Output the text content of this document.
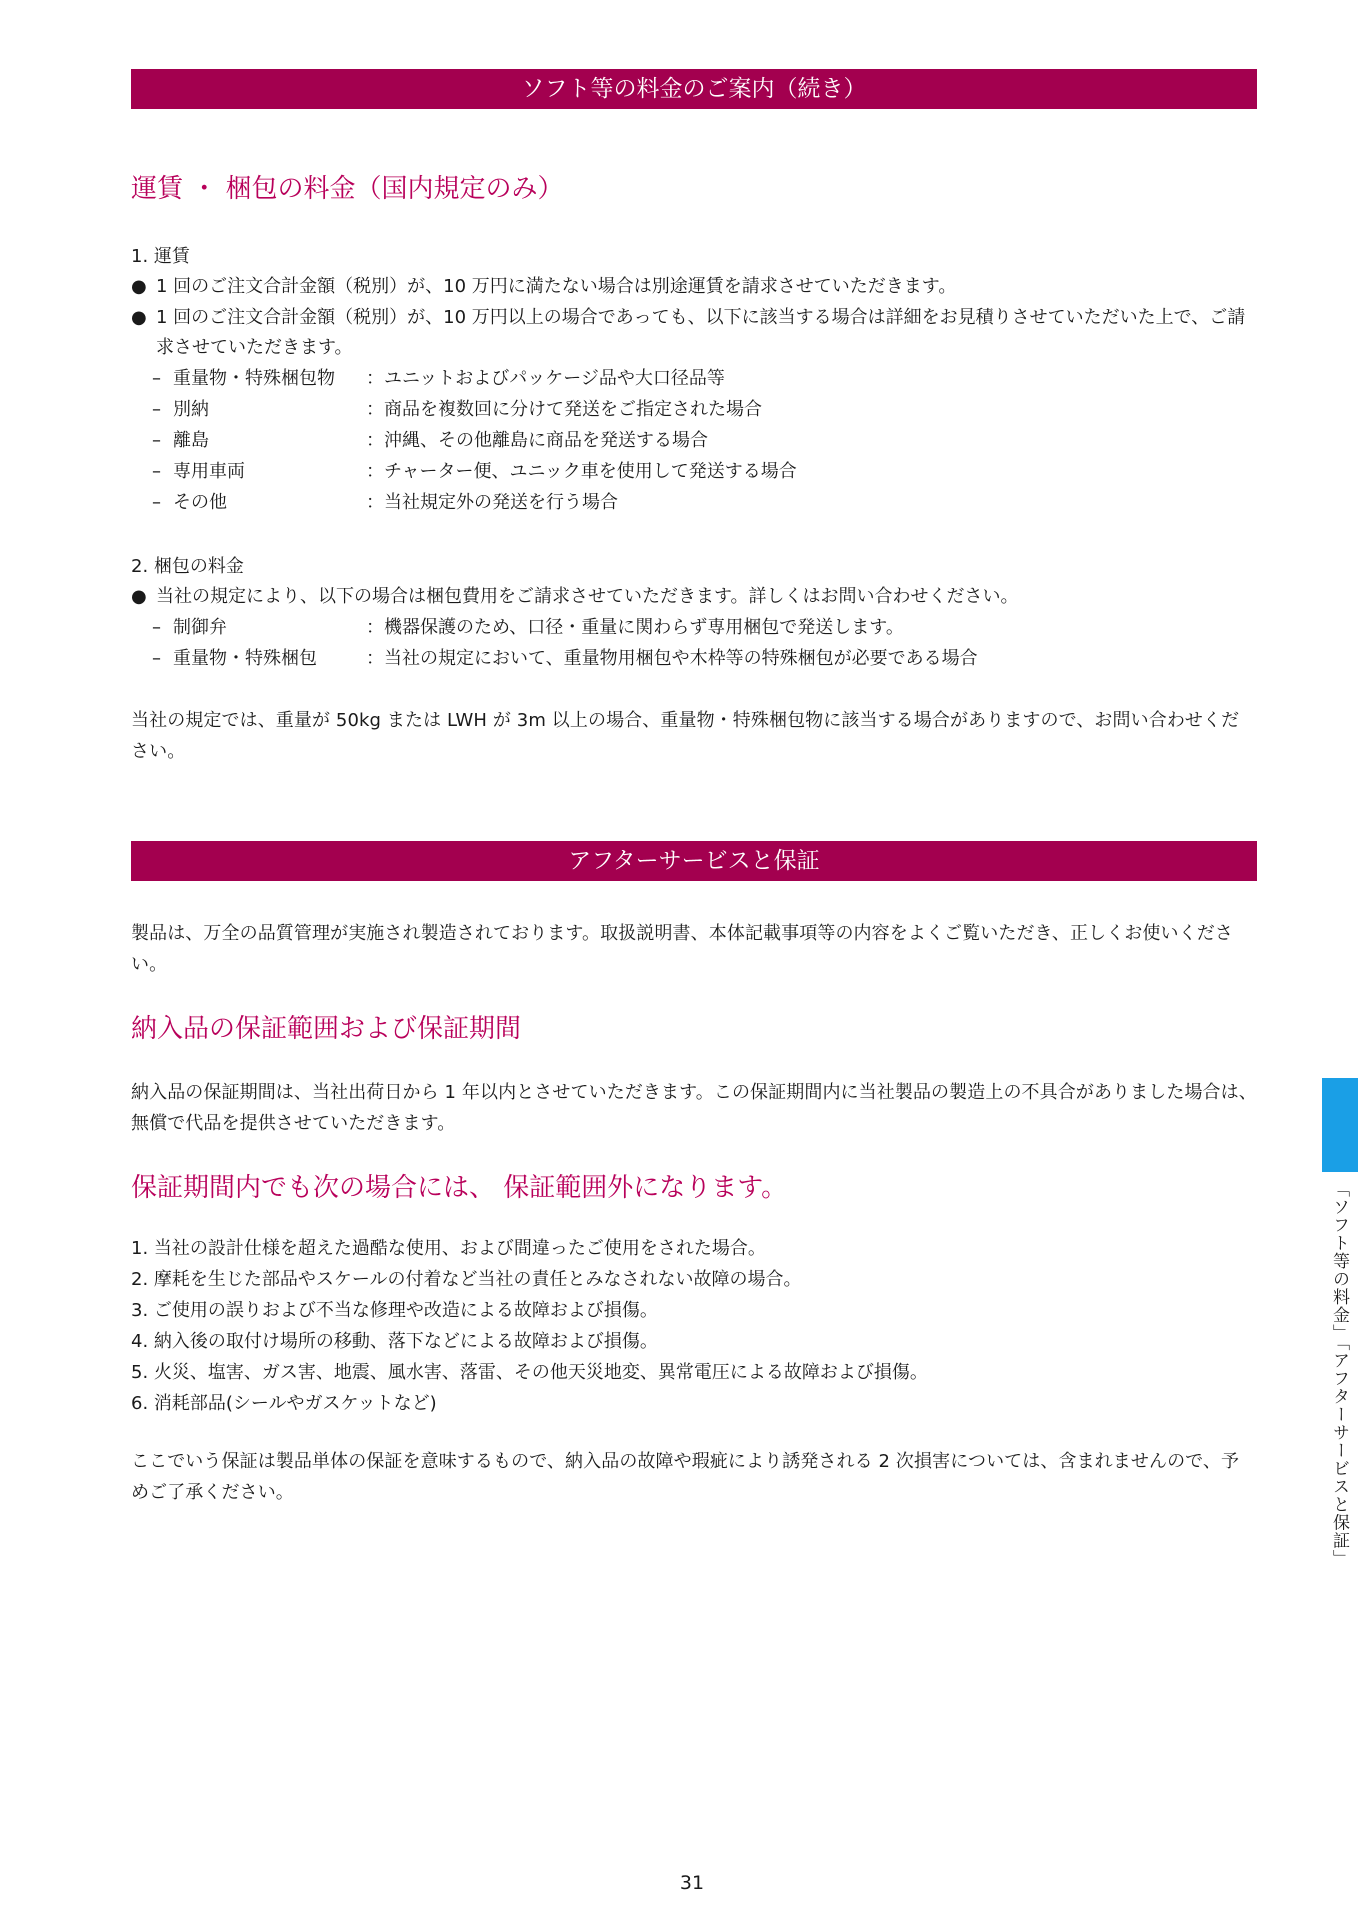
ソフト等の料金のご案内（続き）
運賃 ・ 梱包の料金（国内規定のみ）
1. 運賃
● 1 回のご注文合計金額（税別）が、10 万円に満たない場合は別途運賃を請求させていただきます。
● 1 回のご注文合計金額（税別）が、10 万円以上の場合であっても、以下に該当する場合は詳細をお見積りさせていただいた上で、ご請求させていただきます。
– 重量物・特殊梱包物 ：ユニットおよびパッケージ品や大口径品等
– 別納	：商品を複数回に分けて発送をご指定された場合
– 離島	：沖縄、その他離島に商品を発送する場合
– 専用車両	：チャーター便、ユニック車を使用して発送する場合
– その他	：当社規定外の発送を行う場合
2. 梱包の料金
● 当社の規定により、以下の場合は梱包費用をご請求させていただきます。詳しくはお問い合わせください。
– 制御弁	：機器保護のため、口径・重量に関わらず専用梱包で発送します。
– 重量物・特殊梱包	：当社の規定において、重量物用梱包や木枠等の特殊梱包が必要である場合
当社の規定では、重量が 50kg または LWH が 3m 以上の場合、重量物・特殊梱包物に該当する場合がありますので、お問い合わせください。
アフターサービスと保証
製品は、万全の品質管理が実施され製造されております。取扱説明書、本体記載事項等の内容をよくご覧いただき、正しくお使いください。
納入品の保証範囲および保証期間
納入品の保証期間は、当社出荷日から 1 年以内とさせていただきます。この保証期間内に当社製品の製造上の不具合がありました場合は、無償で代品を提供させていただきます。
保証期間内でも次の場合には、 保証範囲外になります。
1. 当社の設計仕様を超えた過酷な使用、および間違ったご使用をされた場合。
2. 摩耗を生じた部品やスケールの付着など当社の責任とみなされない故障の場合。
3. ご使用の誤りおよび不当な修理や改造による故障および損傷。
4. 納入後の取付け場所の移動、落下などによる故障および損傷。
5. 火災、塩害、ガス害、地震、風水害、落雷、その他天災地変、異常電圧による故障および損傷。
6. 消耗部品(シールやガスケットなど)
ここでいう保証は製品単体の保証を意味するもので、納入品の故障や瑕疵により誘発される 2 次損害については、含まれませんので、予めご了承ください。	「ソフト等の料金」「アフターサービスと保証」
31
